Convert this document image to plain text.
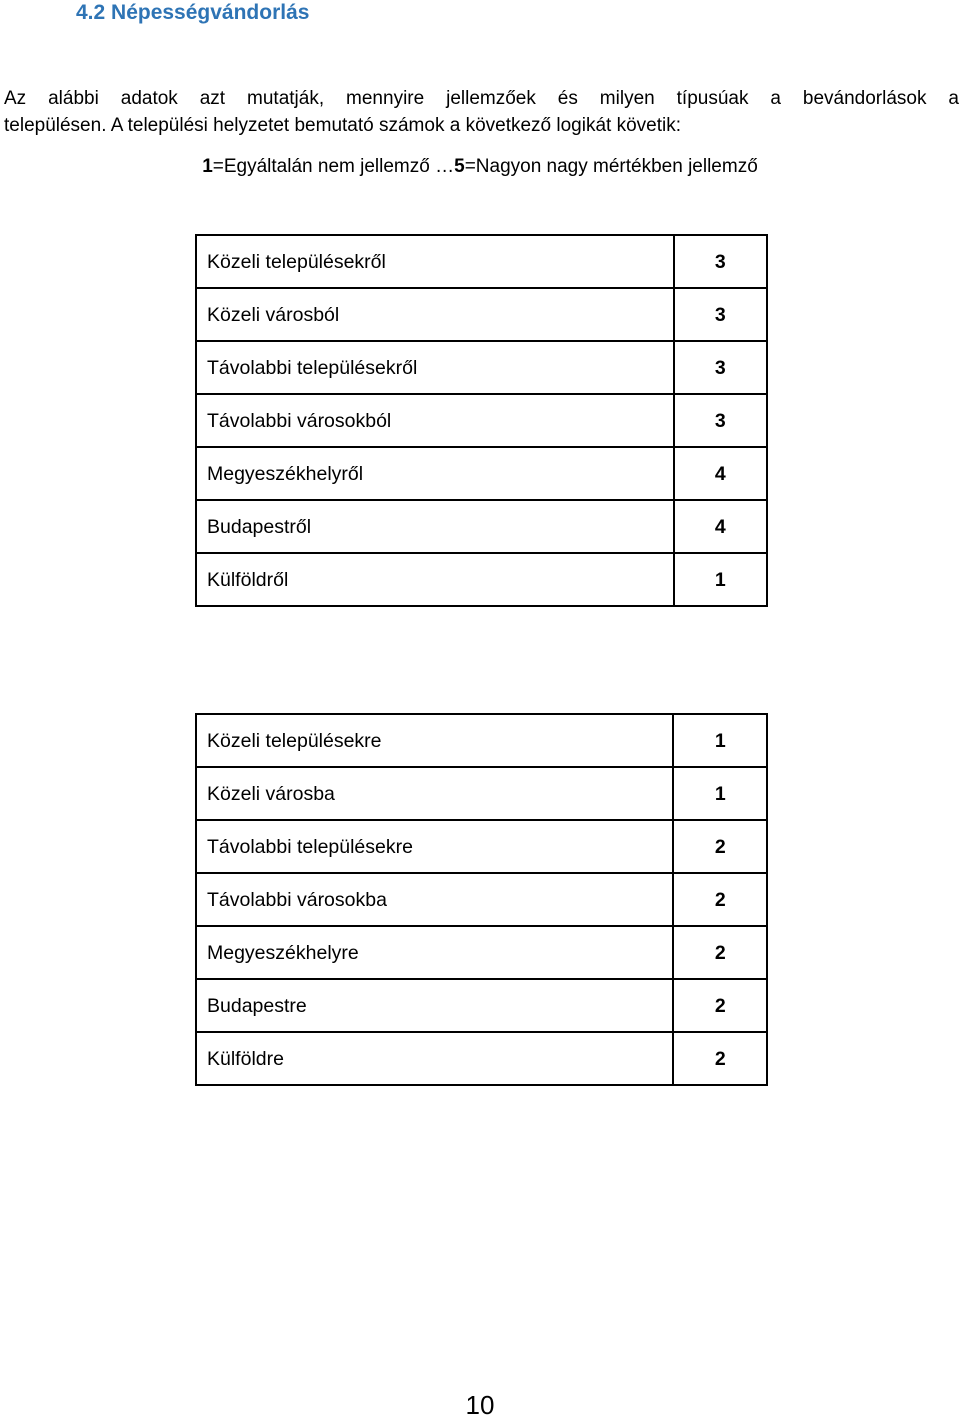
4.2 Népességvándorlás
Az alábbi adatok azt mutatják, mennyire jellemzőek és milyen típusúak a bevándorlások a
településen. A települési helyzetet bemutató számok a következő logikát követik:
1=Egyáltalán nem jellemző …5=Nagyon nagy mértékben jellemző
Közeli településekről	3
Közeli városból	3
Távolabbi településekről	3
Távolabbi városokból	3
Megyeszékhelyről	4
Budapestről	4
Külföldről	1
Közeli településekre	1
Közeli városba	1
Távolabbi településekre	2
Távolabbi városokba	2
Megyeszékhelyre	2
Budapestre	2
Külföldre	2
10
